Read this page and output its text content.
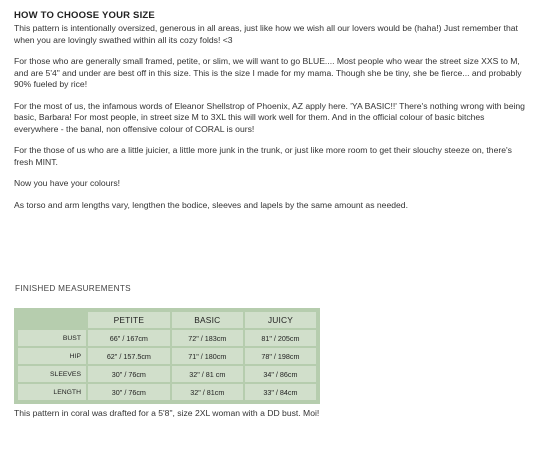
HOW TO CHOOSE YOUR SIZE

This pattern is intentionally oversized, generous in all areas, just like how we wish all our lovers would be (haha!) Just remember that when you are lovingly swathed within all its cozy folds! <3

For those who are generally small framed, petite, or slim, we will want to go BLUE.... Most people who wear the street size XXS to M, and are 5'4" and under are best off in this size. This is the size I made for my mama. Though she be tiny, she be fierce... and probably 90% fueled by rice!

For the most of us, the infamous words of Eleanor Shellstrop of Phoenix, AZ apply here. 'YA BASIC!!' There's nothing wrong with being basic, Barbara! For most people, in street size M to 3XL this will work well for them. And in the official colour of basic bitches everywhere - the banal, non offensive colour of CORAL is ours!

For the those of us who are a little juicier, a little more junk in the trunk, or just like more room to get their slouchy steeze on, there's fresh MINT.

Now you have your colours!

As torso and arm lengths vary, lengthen the bodice, sleeves and lapels by the same amount as needed.

FINISHED MEASUREMENTS
	PETITE	BASIC	JUICY
BUST	66" / 167cm	72" / 183cm	81" / 205cm
HIP	62" / 157.5cm	71" / 180cm	78" / 198cm
SLEEVES	30" / 76cm	32" / 81 cm	34" / 86cm
LENGTH	30" / 76cm	32" / 81cm	33" / 84cm
This pattern in coral was drafted for a 5'8", size 2XL woman with a DD bust. Moi!
